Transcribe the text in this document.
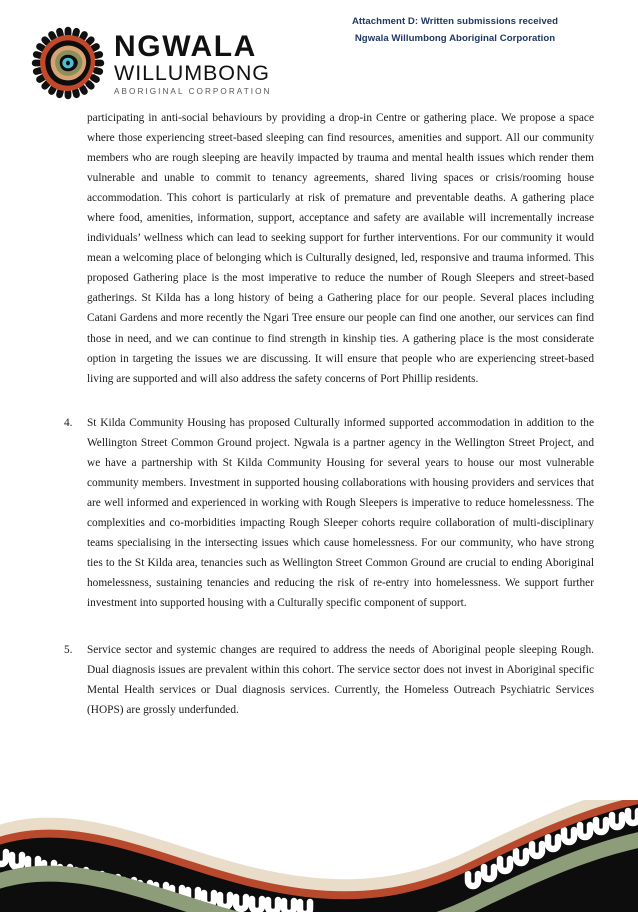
Attachment D: Written submissions received
Ngwala Willumbong Aboriginal Corporation
NGWALA
WILLUMBONG
ABORIGINAL CORPORATION

participating in anti-social behaviours by providing a drop-in Centre or gathering place. We propose a space where those experiencing street-based sleeping can find resources, amenities and support. All our community members who are rough sleeping are heavily impacted by trauma and mental health issues which render them vulnerable and unable to commit to tenancy agreements, shared living spaces or crisis/rooming house accommodation. This cohort is particularly at risk of premature and preventable deaths. A gathering place where food, amenities, information, support, acceptance and safety are available will incrementally increase individuals’ wellness which can lead to seeking support for further interventions. For our community it would mean a welcoming place of belonging which is Culturally designed, led, responsive and trauma informed. This proposed Gathering place is the most imperative to reduce the number of Rough Sleepers and street-based gatherings. St Kilda has a long history of being a Gathering place for our people. Several places including Catani Gardens and more recently the Ngari Tree ensure our people can find one another, our services can find those in need, and we can continue to find strength in kinship ties. A gathering place is the most considerate option in targeting the issues we are discussing. It will ensure that people who are experiencing street-based living are supported and will also address the safety concerns of Port Phillip residents.

4.	St Kilda Community Housing has proposed Culturally informed supported accommodation in addition to the Wellington Street Common Ground project. Ngwala is a partner agency in the Wellington Street Project, and we have a partnership with St Kilda Community Housing for several years to house our most vulnerable community members. Investment in supported housing collaborations with housing providers and services that are well informed and experienced in working with Rough Sleepers is imperative to reduce homelessness. The complexities and co-morbidities impacting Rough Sleeper cohorts require collaboration of multi-disciplinary teams specialising in the intersecting issues which cause homelessness. For our community, who have strong ties to the St Kilda area, tenancies such as Wellington Street Common Ground are crucial to ending Aboriginal homelessness, sustaining tenancies and reducing the risk of re-entry into homelessness. We support further investment into supported housing with a Culturally specific component of support.
5.	Service sector and systemic changes are required to address the needs of Aboriginal people sleeping Rough. Dual diagnosis issues are prevalent within this cohort. The service sector does not invest in Aboriginal specific Mental Health services or Dual diagnosis services. Currently, the Homeless Outreach Psychiatric Services (HOPS) are grossly underfunded.
